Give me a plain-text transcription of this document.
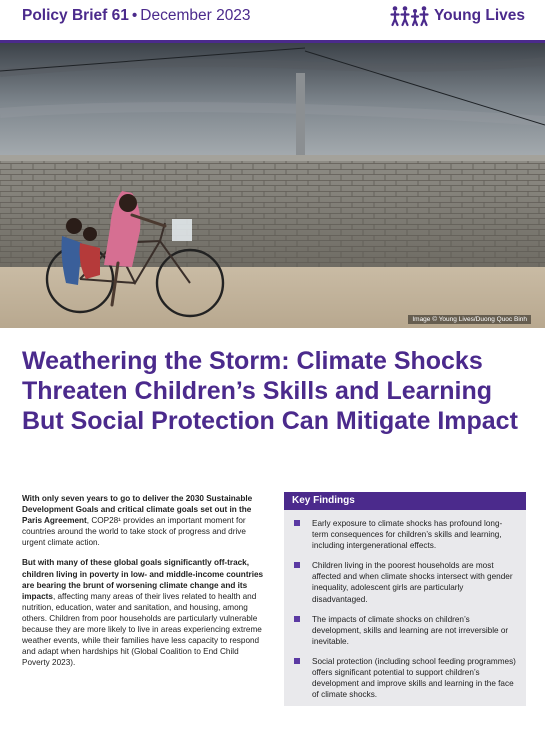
Policy Brief 61 • December 2023	Young Lives
Image © Young Lives/Duong Quoc Binh
Weathering the Storm: Climate Shocks Threaten Children’s Skills and Learning But Social Protection Can Mitigate Impact

With only seven years to go to deliver the 2030 Sustainable Development Goals and critical climate goals set out in the Paris Agreement, COP28¹ provides an important moment for countries around the world to take stock of progress and drive urgent climate action.

But with many of these global goals significantly off-track, children living in poverty in low- and middle-income countries are bearing the brunt of worsening climate change and its impacts, affecting many areas of their lives related to health and nutrition, education, water and sanitation, and housing, among others. Children from poor households are particularly vulnerable because they are more likely to live in areas experiencing extreme weather events, while their families have less capacity to respond and adapt when hardships hit (Global Coalition to End Child Poverty 2023).

Key Findings
Early exposure to climate shocks has profound long-term consequences for children’s skills and learning, including intergenerational effects.
Children living in the poorest households are most affected and when climate shocks intersect with gender inequality, adolescent girls are particularly disadvantaged.
The impacts of climate shocks on children’s development, skills and learning are not irreversible or inevitable.
Social protection (including school feeding programmes) offers significant potential to support children’s development and improve skills and learning in the face of climate shocks.
